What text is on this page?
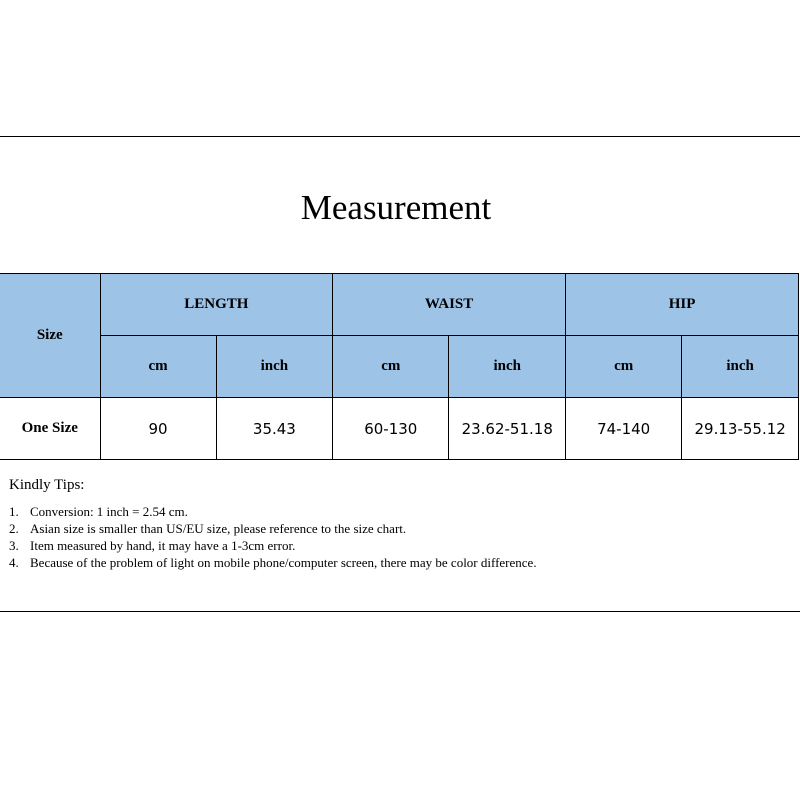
Measurement
Size	LENGTH		WAIST		HIP	
	cm	inch	cm	inch	cm	inch
One Size	90	35.43	60-130	23.62-51.18	74-140	29.13-55.12
Kindly Tips:
1. Conversion: 1 inch = 2.54 cm.
2. Asian size is smaller than US/EU size, please reference to the size chart.
3. Item measured by hand, it may have a 1-3cm error.
4. Because of the problem of light on mobile phone/computer screen, there may be color difference.
